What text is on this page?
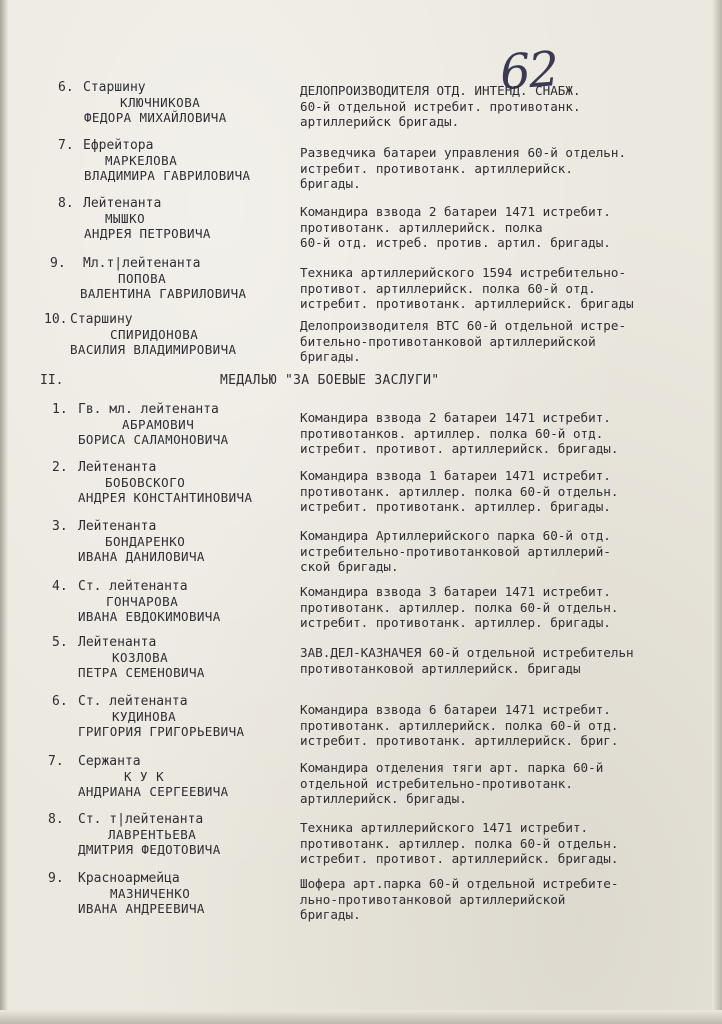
62
6. Старшину
КЛЮЧНИКОВА
ФЕДОРА МИХАЙЛОВИЧА
ДЕЛОПРОИЗВОДИТЕЛЯ ОТД. ИНТЕНД. СНАБЖ.
60-й отдельной истребит. противотанк.
артиллерийск бригады.
7. Ефрейтора
МАРКЕЛОВА
ВЛАДИМИРА ГАВРИЛОВИЧА
Разведчика батареи управления 60-й отдельн.
истребит. противотанк. артиллерийск.
бригады.
8. Лейтенанта
МЫШКО
АНДРЕЯ ПЕТРОВИЧА
Командира взвода 2 батареи 1471 истребит.
противотанк. артиллерийск. полка
60-й отд. истреб. против. артил. бригады.
9. Мл.т|лейтенанта
ПОПОВА
ВАЛЕНТИНА ГАВРИЛОВИЧА
Техника артиллерийского 1594 истребительно-
противот. артиллерийск. полка 60-й отд.
истребит. противотанк. артиллерийск. бригады
10. Старшину
СПИРИДОНОВА
ВАСИЛИЯ ВЛАДИМИРОВИЧА
Делопроизводителя ВТС 60-й отдельной истре-
бительно-противотанковой артиллерийской
бригады.
II.	МЕДАЛЬЮ "ЗА БОЕВЫЕ ЗАСЛУГИ"
1. Гв. мл. лейтенанта
АБРАМОВИЧ
БОРИСА САЛАМОНОВИЧА
Командира взвода 2 батареи 1471 истребит.
противотанков. артиллер. полка 60-й отд.
истребит. противот. артиллерийск. бригады.
2. Лейтенанта
БОБОВСКОГО
АНДРЕЯ КОНСТАНТИНОВИЧА
Командира взвода 1 батареи 1471 истребит.
противотанк. артиллер. полка 60-й отдельн.
истребит. противотанк. артиллер. бригады.
3. Лейтенанта
БОНДАРЕНКО
ИВАНА ДАНИЛОВИЧА
Командира Артиллерийского парка 60-й отд.
истребительно-противотанковой артиллерий-
ской бригады.
4. Ст. лейтенанта
ГОНЧАРОВА
ИВАНА ЕВДОКИМОВИЧА
Командира взвода 3 батареи 1471 истребит.
противотанк. артиллер. полка 60-й отдельн.
истребит. противотанк. артиллер. бригады.
5. Лейтенанта
КОЗЛОВА
ПЕТРА СЕМЕНОВИЧА
ЗАВ.ДЕЛ-КАЗНАЧЕЯ 60-й отдельной истребительн
противотанковой артиллерийск. бригады
6. Ст. лейтенанта
КУДИНОВА
ГРИГОРИЯ ГРИГОРЬЕВИЧА
Командира взвода 6 батареи 1471 истребит.
противотанк. артиллерийск. полка 60-й отд.
истребит. противотанк. артиллерийск. бриг.
7. Сержанта
К У К
АНДРИАНА СЕРГЕЕВИЧА
Командира отделения тяги арт. парка 60-й
отдельной истребительно-противотанк.
артиллерийск. бригады.
8. Ст. т|лейтенанта
ЛАВРЕНТЬЕВА
ДМИТРИЯ ФЕДОТОВИЧА
Техника артиллерийского 1471 истребит.
противотанк. артиллер. полка 60-й отдельн.
истребит. противот. артиллерийск. бригады.
9. Красноармейца
МАЗНИЧЕНКО
ИВАНА АНДРЕЕВИЧА
Шофера арт.парка 60-й отдельной истребите-
льно-противотанковой артиллерийской
бригады.
